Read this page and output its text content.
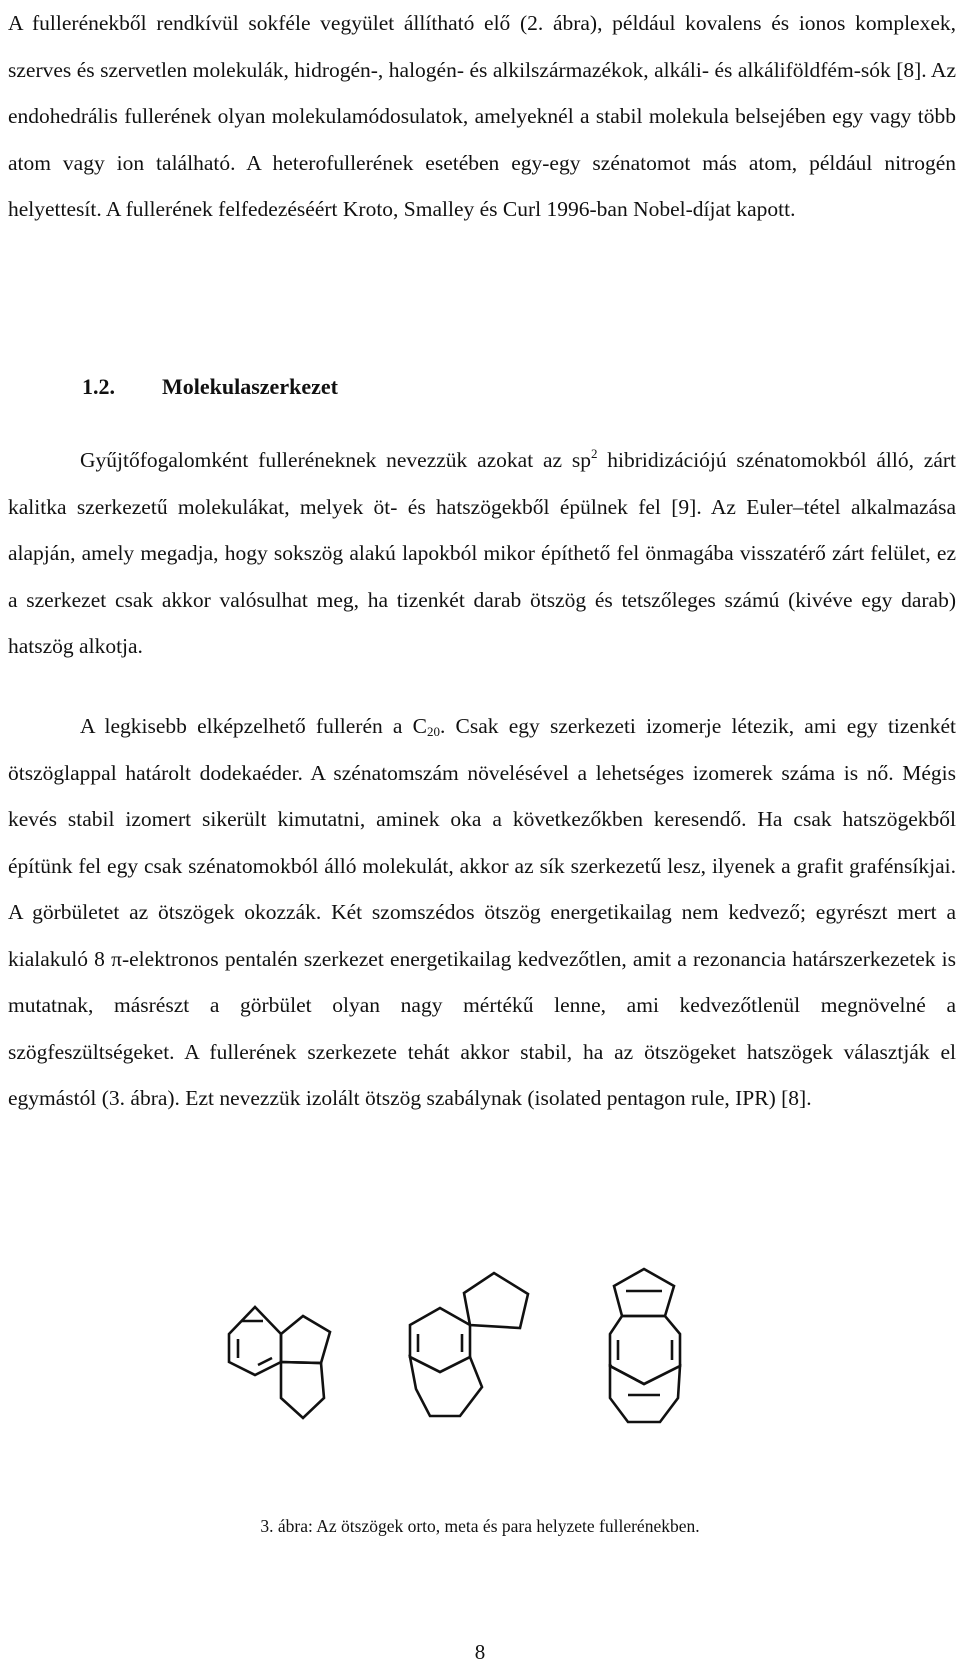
A fullerénekből rendkívül sokféle vegyület állítható elő (2. ábra), például kovalens és ionos komplexek, szerves és szervetlen molekulák, hidrogén-, halogén- és alkilszármazékok, alkáli- és alkáliföldfém-sók [8]. Az endohedrális fullerének olyan molekulamódosulatok, amelyeknél a stabil molekula belsejében egy vagy több atom vagy ion található. A heterofullerének esetében egy-egy szénatomot más atom, például nitrogén helyettesít. A fullerének felfedezéséért Kroto, Smalley és Curl 1996-ban Nobel-díjat kapott.

1.2. Molekulaszerkezet

Gyűjtőfogalomként fulleréneknek nevezzük azokat az $sp^2$ hibridizációjú szénatomokból álló, zárt kalitka szerkezetű molekulákat, melyek öt- és hatszögekből épülnek fel [9]. Az Euler–tétel alkalmazása alapján, amely megadja, hogy sokszög alakú lapokból mikor építhető fel önmagába visszatérő zárt felület, ez a szerkezet csak akkor valósulhat meg, ha tizenkét darab ötszög és tetszőleges számú (kivéve egy darab) hatszög alkotja.

A legkisebb elképzelhető fullerén a $C_{20}$. Csak egy szerkezeti izomerje létezik, ami egy tizenkét ötszöglappal határolt dodekaéder. A szénatomszám növelésével a lehetséges izomerek száma is nő. Mégis kevés stabil izomert sikerült kimutatni, aminek oka a következőkben keresendő. Ha csak hatszögekből építünk fel egy csak szénatomokból álló molekulát, akkor az sík szerkezetű lesz, ilyenek a grafit grafénsíkjai. A görbületet az ötszögek okozzák. Két szomszédos ötszög energetikailag nem kedvező; egyrészt mert a kialakuló 8 π-elektronos pentalén szerkezet energetikailag kedvezőtlen, amit a rezonancia határszerkezetek is mutatnak, másrészt a görbület olyan nagy mértékű lenne, ami kedvezőtlenül megnövelné a szögfeszültségeket. A fullerének szerkezete tehát akkor stabil, ha az ötszögeket hatszögek választják el egymástól (3. ábra). Ezt nevezzük izolált ötszög szabálynak (isolated pentagon rule, IPR) [8].

3. ábra: Az ötszögek orto, meta és para helyzete fullerénekben.

8
